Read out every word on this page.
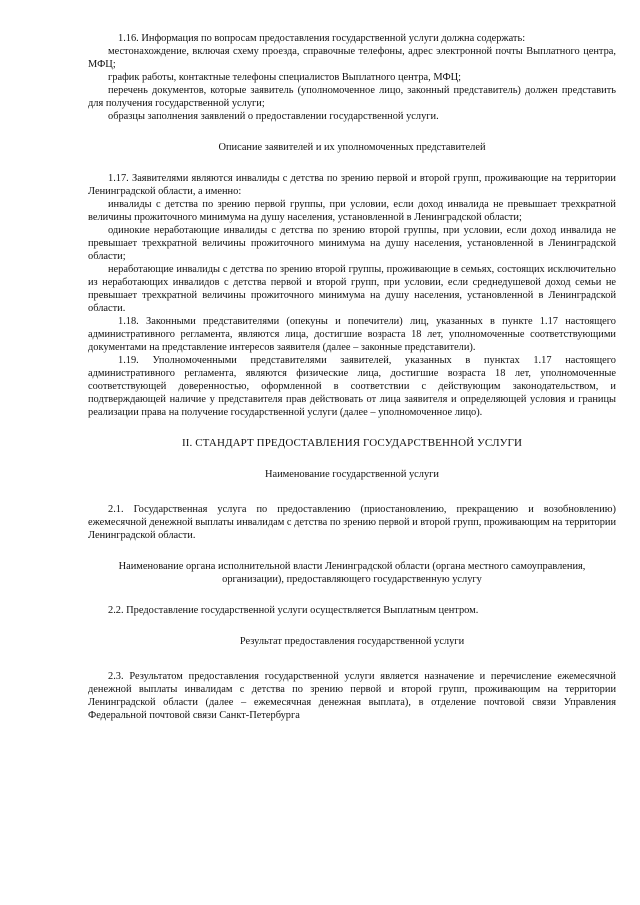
1.16. Информация по вопросам предоставления государственной услуги должна содержать:

местонахождение, включая схему проезда, справочные телефоны, адрес электронной почты Выплатного центра, МФЦ;

график работы, контактные телефоны специалистов Выплатного центра, МФЦ;

перечень документов, которые заявитель (уполномоченное лицо, законный представитель) должен представить для получения государственной услуги;

образцы заполнения заявлений о предоставлении государственной услуги.

Описание заявителей и их уполномоченных представителей

1.17. Заявителями являются инвалиды с детства по зрению первой и второй групп, проживающие на территории Ленинградской области, а именно:

инвалиды с детства по зрению первой группы, при условии, если доход инвалида не превышает трехкратной величины прожиточного минимума на душу населения, установленной в Ленинградской области;

одинокие неработающие инвалиды с детства по зрению второй группы, при условии, если доход инвалида не превышает трехкратной величины прожиточного минимума на душу населения, установленной в Ленинградской области;

неработающие инвалиды с детства по зрению второй группы, проживающие в семьях, состоящих исключительно из неработающих инвалидов с детства первой и второй групп, при условии, если среднедушевой доход семьи не превышает трехкратной величины прожиточного минимума на душу населения, установленной в Ленинградской области.

1.18. Законными представителями (опекуны и попечители) лиц, указанных в пункте 1.17 настоящего административного регламента, являются лица, достигшие возраста 18 лет, уполномоченные соответствующими документами на представление интересов заявителя (далее – законные представители).

1.19. Уполномоченными представителями заявителей, указанных в пунктах 1.17 настоящего административного регламента, являются физические лица, достигшие возраста 18 лет, уполномоченные соответствующей доверенностью, оформленной в соответствии с действующим законодательством, и подтверждающей наличие у представителя прав действовать от лица заявителя и определяющей условия и границы реализации права на получение государственной услуги (далее – уполномоченное лицо).

II. СТАНДАРТ ПРЕДОСТАВЛЕНИЯ ГОСУДАРСТВЕННОЙ УСЛУГИ

Наименование государственной услуги

2.1. Государственная услуга по предоставлению (приостановлению, прекращению и возобновлению) ежемесячной денежной выплаты инвалидам с детства по зрению первой и второй групп, проживающим на территории Ленинградской области.

Наименование органа исполнительной власти Ленинградской области (органа местного самоуправления, организации), предоставляющего государственную услугу

2.2. Предоставление государственной услуги осуществляется Выплатным центром.

Результат предоставления государственной услуги

2.3. Результатом предоставления государственной услуги является назначение и перечисление ежемесячной денежной выплаты инвалидам с детства по зрению первой и второй групп, проживающим на территории Ленинградской области (далее – ежемесячная денежная выплата), в отделение почтовой связи Управления Федеральной почтовой связи Санкт-Петербурга
